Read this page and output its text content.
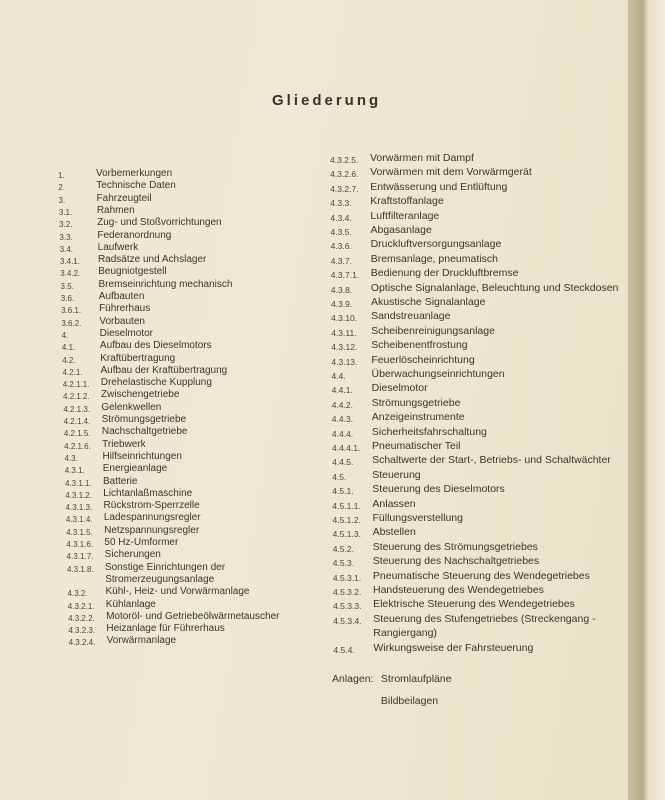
Gliederung
1.	Vorbemerkungen
2.	Technische Daten
3.	Fahrzeugteil
3.1. Rahmen
3.2. Zug- und Stoßvorrichtungen
3.3. Federanordnung
3.4. Laufwerk
3.4.1. Radsätze und Achslager
3.4.2. Beugniotgestell
3.5. Bremseinrichtung mechanisch
3.6. Aufbauten
3.6.1. Führerhaus
3.6.2. Vorbauten
4.	Dieselmotor
4.1. Aufbau des Dieselmotors
4.2. Kraftübertragung
4.2.1. Aufbau der Kraftübertragung
4.2.1.1. Drehelastische Kupplung
4.2.1.2. Zwischengetriebe
4.2.1.3. Gelenkwellen
4.2.1.4. Strömungsgetriebe
4.2.1.5. Nachschaltgetriebe
4.2.1.6. Triebwerk
4.3. Hilfseinrichtungen
4.3.1. Energieanlage
4.3.1.1. Batterie
4.3.1.2. Lichtanlaßmaschine
4.3.1.3. Rückstrom-Sperrzelle
4.3.1.4. Ladespannungsregler
4.3.1.5. Netzspannungsregler
4.3.1.6. 50 Hz-Umformer
4.3.1.7. Sicherungen
4.3.1.8. Sonstige Einrichtungen der
Stromerzeugungsanlage
4.3.2. Kühl-, Heiz- und Vorwärmanlage
4.3.2.1. Kühlanlage
4.3.2.2. Motoröl- und Getriebeölwärmetauscher
4.3.2.3. Heizanlage für Führerhaus
4.3.2.4. Vorwärmanlage
4.3.2.5. Vorwärmen mit Dampf
4.3.2.6. Vorwärmen mit dem Vorwärmgerät
4.3.2.7. Entwässerung und Entlüftung
4.3.3. Kraftstoffanlage
4.3.4. Luftfilteranlage
4.3.5. Abgasanlage
4.3.6. Druckluftversorgungsanlage
4.3.7. Bremsanlage, pneumatisch
4.3.7.1. Bedienung der Druckluftbremse
4.3.8. Optische Signalanlage, Beleuchtung und Steckdosen
4.3.9. Akustische Signalanlage
4.3.10. Sandstreuanlage
4.3.11. Scheibenreinigungsanlage
4.3.12. Scheibenentfrostung
4.3.13. Feuerlöscheinrichtung
4.4. Überwachungseinrichtungen
4.4.1. Dieselmotor
4.4.2. Strömungsgetriebe
4.4.3. Anzeigeinstrumente
4.4.4. Sicherheitsfahrschaltung
4.4.4.1. Pneumatischer Teil
4.4.5. Schaltwerte der Start-, Betriebs- und Schaltwächter
4.5. Steuerung
4.5.1. Steuerung des Dieselmotors
4.5.1.1. Anlassen
4.5.1.2. Füllungsverstellung
4.5.1.3. Abstellen
4.5.2. Steuerung des Strömungsgetriebes
4.5.3. Steuerung des Nachschaltgetriebes
4.5.3.1. Pneumatische Steuerung des Wendegetriebes
4.5.3.2. Handsteuerung des Wendegetriebes
4.5.3.3. Elektrische Steuerung des Wendegetriebes
4.5.3.4. Steuerung des Stufengetriebes (Streckengang -
Rangiergang)
4.5.4. Wirkungsweise der Fahrsteuerung
Anlagen: Stromlaufpläne
Bildbeilagen
